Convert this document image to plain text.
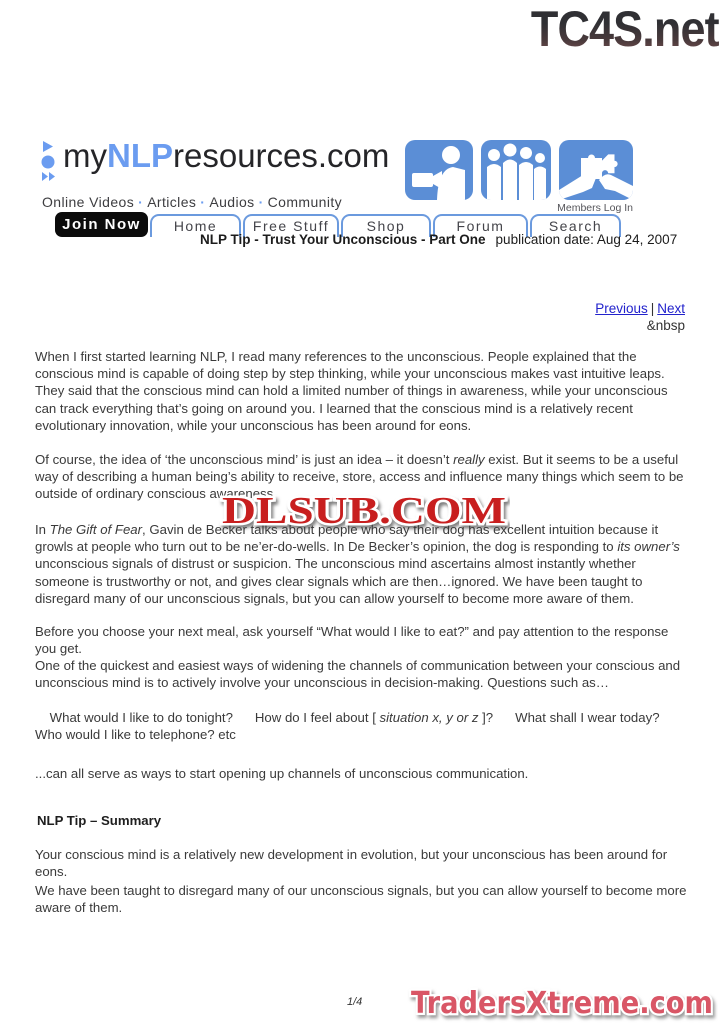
TC4S.net
myNLPresources.com
Online Videos · Articles · Audios · Community	Members Log In
Join Now	Home	Free Stuff	Shop	Forum	Search
NLP Tip - Trust Your Unconscious - Part One publication date: Aug 24, 2007
Previous | Next
&nbsp
When I first started learning NLP, I read many references to the unconscious. People explained that the conscious mind is capable of doing step by step thinking, while your unconscious makes vast intuitive leaps. They said that the conscious mind can hold a limited number of things in awareness, while your unconscious can track everything that’s going on around you. I learned that the conscious mind is a relatively recent evolutionary innovation, while your unconscious has been around for eons.
Of course, the idea of ‘the unconscious mind’ is just an idea – it doesn’t really exist. But it seems to be a useful way of describing a human being’s ability to receive, store, access and influence many things which seem to be outside of ordinary conscious awareness.
In The Gift of Fear, Gavin de Becker talks about people who say their dog has excellent intuition because it growls at people who turn out to be ne’er-do-wells. In De Becker’s opinion, the dog is responding to its owner’s unconscious signals of distrust or suspicion. The unconscious mind ascertains almost instantly whether someone is trustworthy or not, and gives clear signals which are then…ignored. We have been taught to disregard many of our unconscious signals, but you can allow yourself to become more aware of them.
Before you choose your next meal, ask yourself “What would I like to eat?” and pay attention to the response you get.
One of the quickest and easiest ways of widening the channels of communication between your conscious and unconscious mind is to actively involve your unconscious in decision-making. Questions such as…
What would I like to do tonight?      How do I feel about [ situation x, y or z ]?      What shall I wear today?      Who would I like to telephone? etc
...can all serve as ways to start opening up channels of unconscious communication.
NLP Tip – Summary
Your conscious mind is a relatively new development in evolution, but your unconscious has been around for eons.
We have been taught to disregard many of our unconscious signals, but you can allow yourself to become more aware of them.
DLSUB.COM
1/4 TradersXtreme.com
